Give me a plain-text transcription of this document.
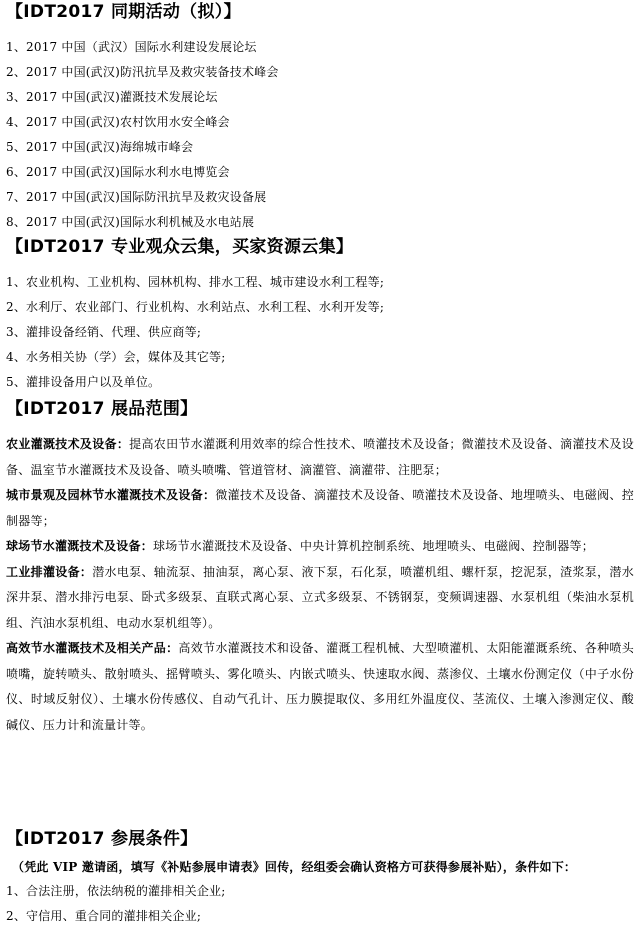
【IDT2017 同期活动（拟）】
1、2017 中国（武汉）国际水利建设发展论坛
2、2017 中国(武汉)防汛抗旱及救灾装备技术峰会
3、2017 中国(武汉)灌溉技术发展论坛
4、2017 中国(武汉)农村饮用水安全峰会
5、2017 中国(武汉)海绵城市峰会
6、2017 中国(武汉)国际水利水电博览会
7、2017 中国(武汉)国际防汛抗旱及救灾设备展
8、2017 中国(武汉)国际水利机械及水电站展
【IDT2017 专业观众云集，买家资源云集】
1、农业机构、工业机构、园林机构、排水工程、城市建设水利工程等;
2、水利厅、农业部门、行业机构、水利站点、水利工程、水利开发等;
3、灌排设备经销、代理、供应商等;
4、水务相关协（学）会，媒体及其它等;
5、灌排设备用户以及单位。
【IDT2017 展品范围】

农业灌溉技术及设备：提高农田节水灌溉利用效率的综合性技术、喷灌技术及设备；微灌技术及设备、滴灌技术及设备、温室节水灌溉技术及设备、喷头喷嘴、管道管材、滴灌管、滴灌带、注肥泵；

城市景观及园林节水灌溉技术及设备：微灌技术及设备、滴灌技术及设备、喷灌技术及设备、地埋喷头、电磁阀、控制器等；

球场节水灌溉技术及设备：球场节水灌溉技术及设备、中央计算机控制系统、地埋喷头、电磁阀、控制器等；

工业排灌设备：潜水电泵、轴流泵、抽油泵，离心泵、液下泵，石化泵，喷灌机组、螺杆泵，挖泥泵，渣浆泵，潜水深井泵、潜水排污电泵、卧式多级泵、直联式离心泵、立式多级泵、不锈钢泵，变频调速器、水泵机组（柴油水泵机组、汽油水泵机组、电动水泵机组等）。

高效节水灌溉技术及相关产品：高效节水灌溉技术和设备、灌溉工程机械、大型喷灌机、太阳能灌溉系统、各种喷头喷嘴，旋转喷头、散射喷头、摇臂喷头、雾化喷头、内嵌式喷头、快速取水阀、蒸渗仪、土壤水份测定仪（中子水份仪、时域反射仪）、土壤水份传感仪、自动气孔计、压力膜提取仪、多用红外温度仪、茎流仪、土壤入渗测定仪、酸碱仪、压力计和流量计等。

【IDT2017 参展条件】

（凭此 VIP 邀请函，填写《补贴参展申请表》回传，经组委会确认资格方可获得参展补贴），条件如下：

1、合法注册，依法纳税的灌排相关企业;
2、守信用、重合同的灌排相关企业;
